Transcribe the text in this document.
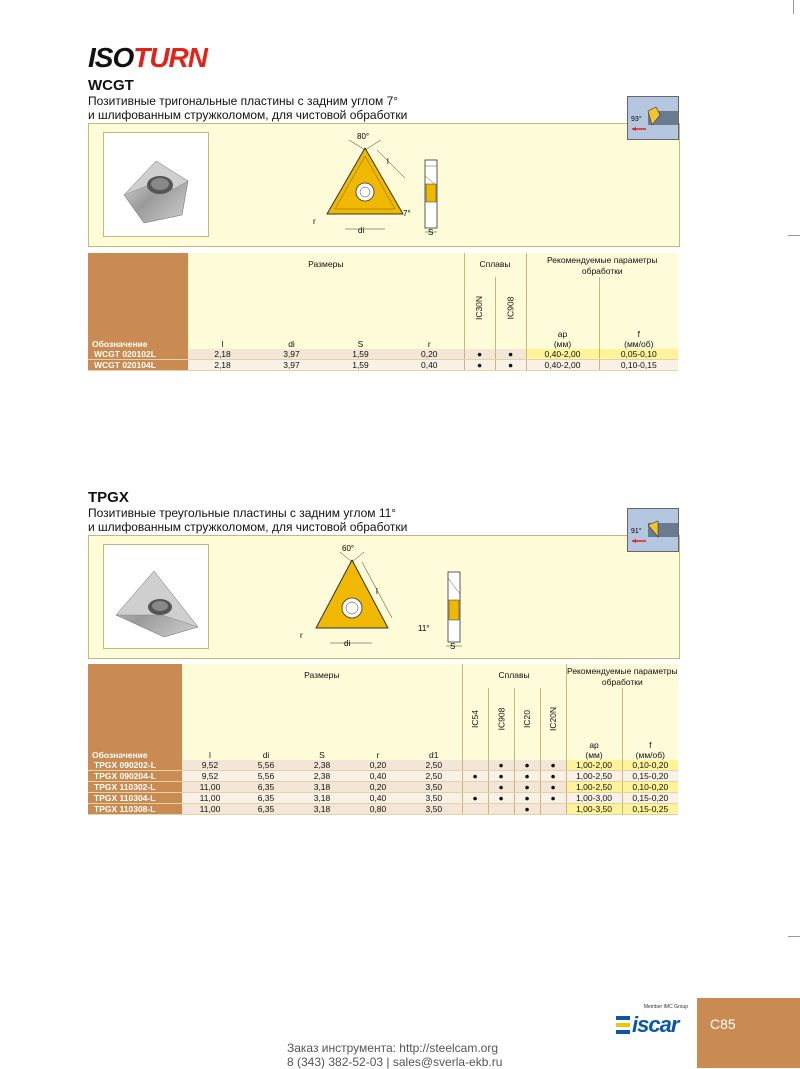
ISOTURN
WCGT
Позитивные тригональные пластины с задним углом 7°
и шлифованным стружколомом, для чистовой обработки	93°
80°
l
di
r
7°
S
Обозначение	Размеры				Сплавы		Рекомендуемые параметры обработки	
					IC30N	IC908	ap	f
	l	di	S	r			(мм)	(мм/об)
WCGT 020102L	2,18	3,97	1,59	0,20	●	●	0,40-2,00	0,05-0,10
WCGT 020104L	2,18	3,97	1,59	0,40	●	●	0,40-2,00	0,10-0,15
TPGX
Позитивные треугольные пластины с задним углом 11°
и шлифованным стружколомом, для чистовой обработки	91°
60°
l
di
r
11°
S
Обозначение	Размеры					Сплавы				Рекомендуемые параметры обработки	
						IC54	IC908	IC20	IC20N	ap	f
	l	di	S	r	d1					(мм)	(мм/об)
TPGX 090202-L	9,52	5,56	2,38	0,20	2,50		●	●	●	1,00-2,00	0,10-0,20
TPGX 090204-L	9,52	5,56	2,38	0,40	2,50	●	●	●	●	1,00-2,50	0,15-0,20
TPGX 110302-L	11,00	6,35	3,18	0,20	3,50		●	●	●	1,00-2,50	0,10-0,20
TPGX 110304-L	11,00	6,35	3,18	0,40	3,50	●	●	●	●	1,00-3,00	0,15-0,20
TPGX 110308-L	11,00	6,35	3,18	0,80	3,50			●		1,00-3,50	0,15-0,25
Заказ инструмента: http://steelcam.org
8 (343) 382-52-03 | sales@sverla-ekb.ru
Member IMC Group
iscar C85
